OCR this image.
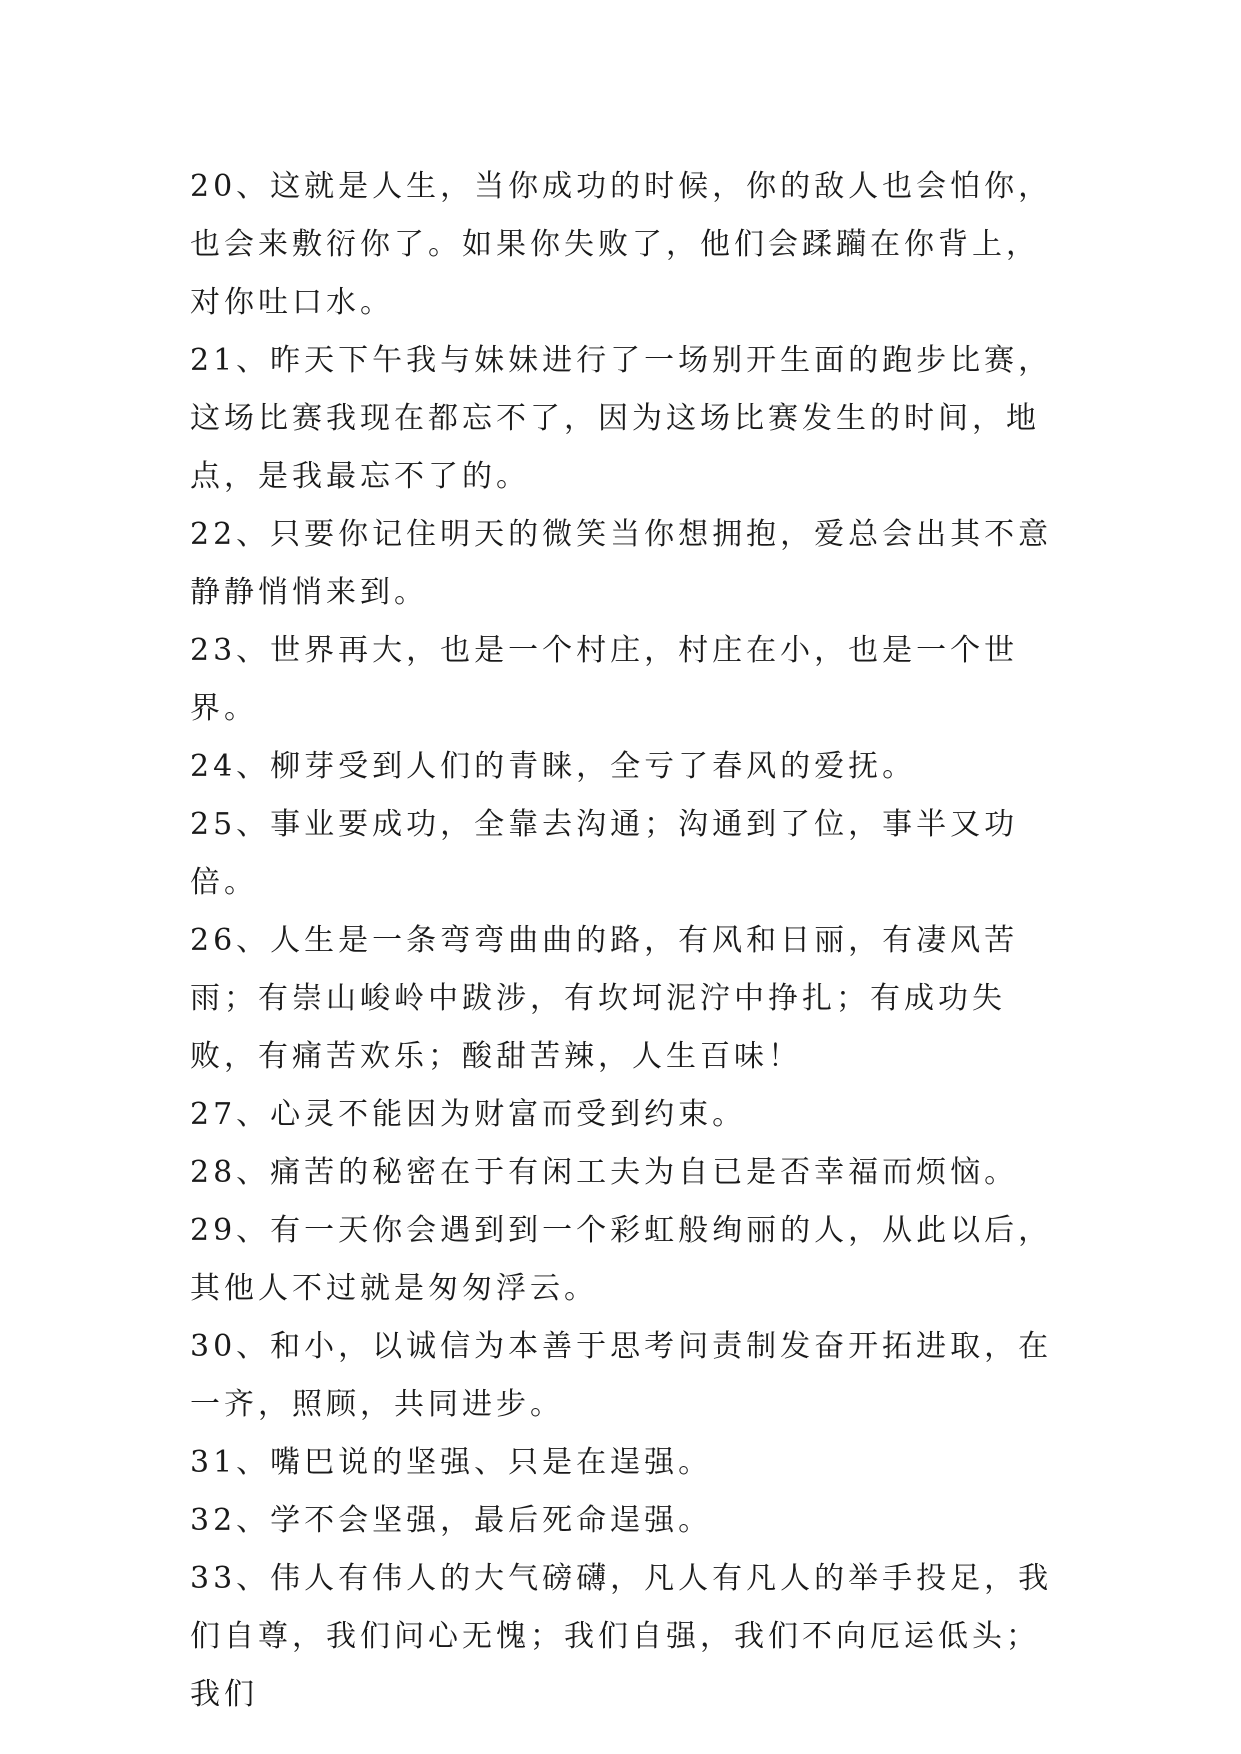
20、这就是人生，当你成功的时候，你的敌人也会怕你，也会来敷衍你了。如果你失败了，他们会蹂躏在你背上，对你吐口水。

21、昨天下午我与妹妹进行了一场别开生面的跑步比赛，这场比赛我现在都忘不了，因为这场比赛发生的时间，地点，是我最忘不了的。

22、只要你记住明天的微笑当你想拥抱，爱总会出其不意静静悄悄来到。

23、世界再大，也是一个村庄，村庄在小，也是一个世界。

24、柳芽受到人们的青睐，全亏了春风的爱抚。

25、事业要成功，全靠去沟通；沟通到了位，事半又功倍。

26、人生是一条弯弯曲曲的路，有风和日丽，有凄风苦雨；有崇山峻岭中跋涉，有坎坷泥泞中挣扎；有成功失败，有痛苦欢乐；酸甜苦辣，人生百味！

27、心灵不能因为财富而受到约束。

28、痛苦的秘密在于有闲工夫为自已是否幸福而烦恼。

29、有一天你会遇到到一个彩虹般绚丽的人，从此以后，其他人不过就是匆匆浮云。

30、和小，以诚信为本善于思考问责制发奋开拓进取，在一齐，照顾，共同进步。

31、嘴巴说的坚强、只是在逞强。

32、学不会坚强，最后死命逞强。

33、伟人有伟人的大气磅礴，凡人有凡人的举手投足，我们自尊，我们问心无愧；我们自强，我们不向厄运低头；我们
